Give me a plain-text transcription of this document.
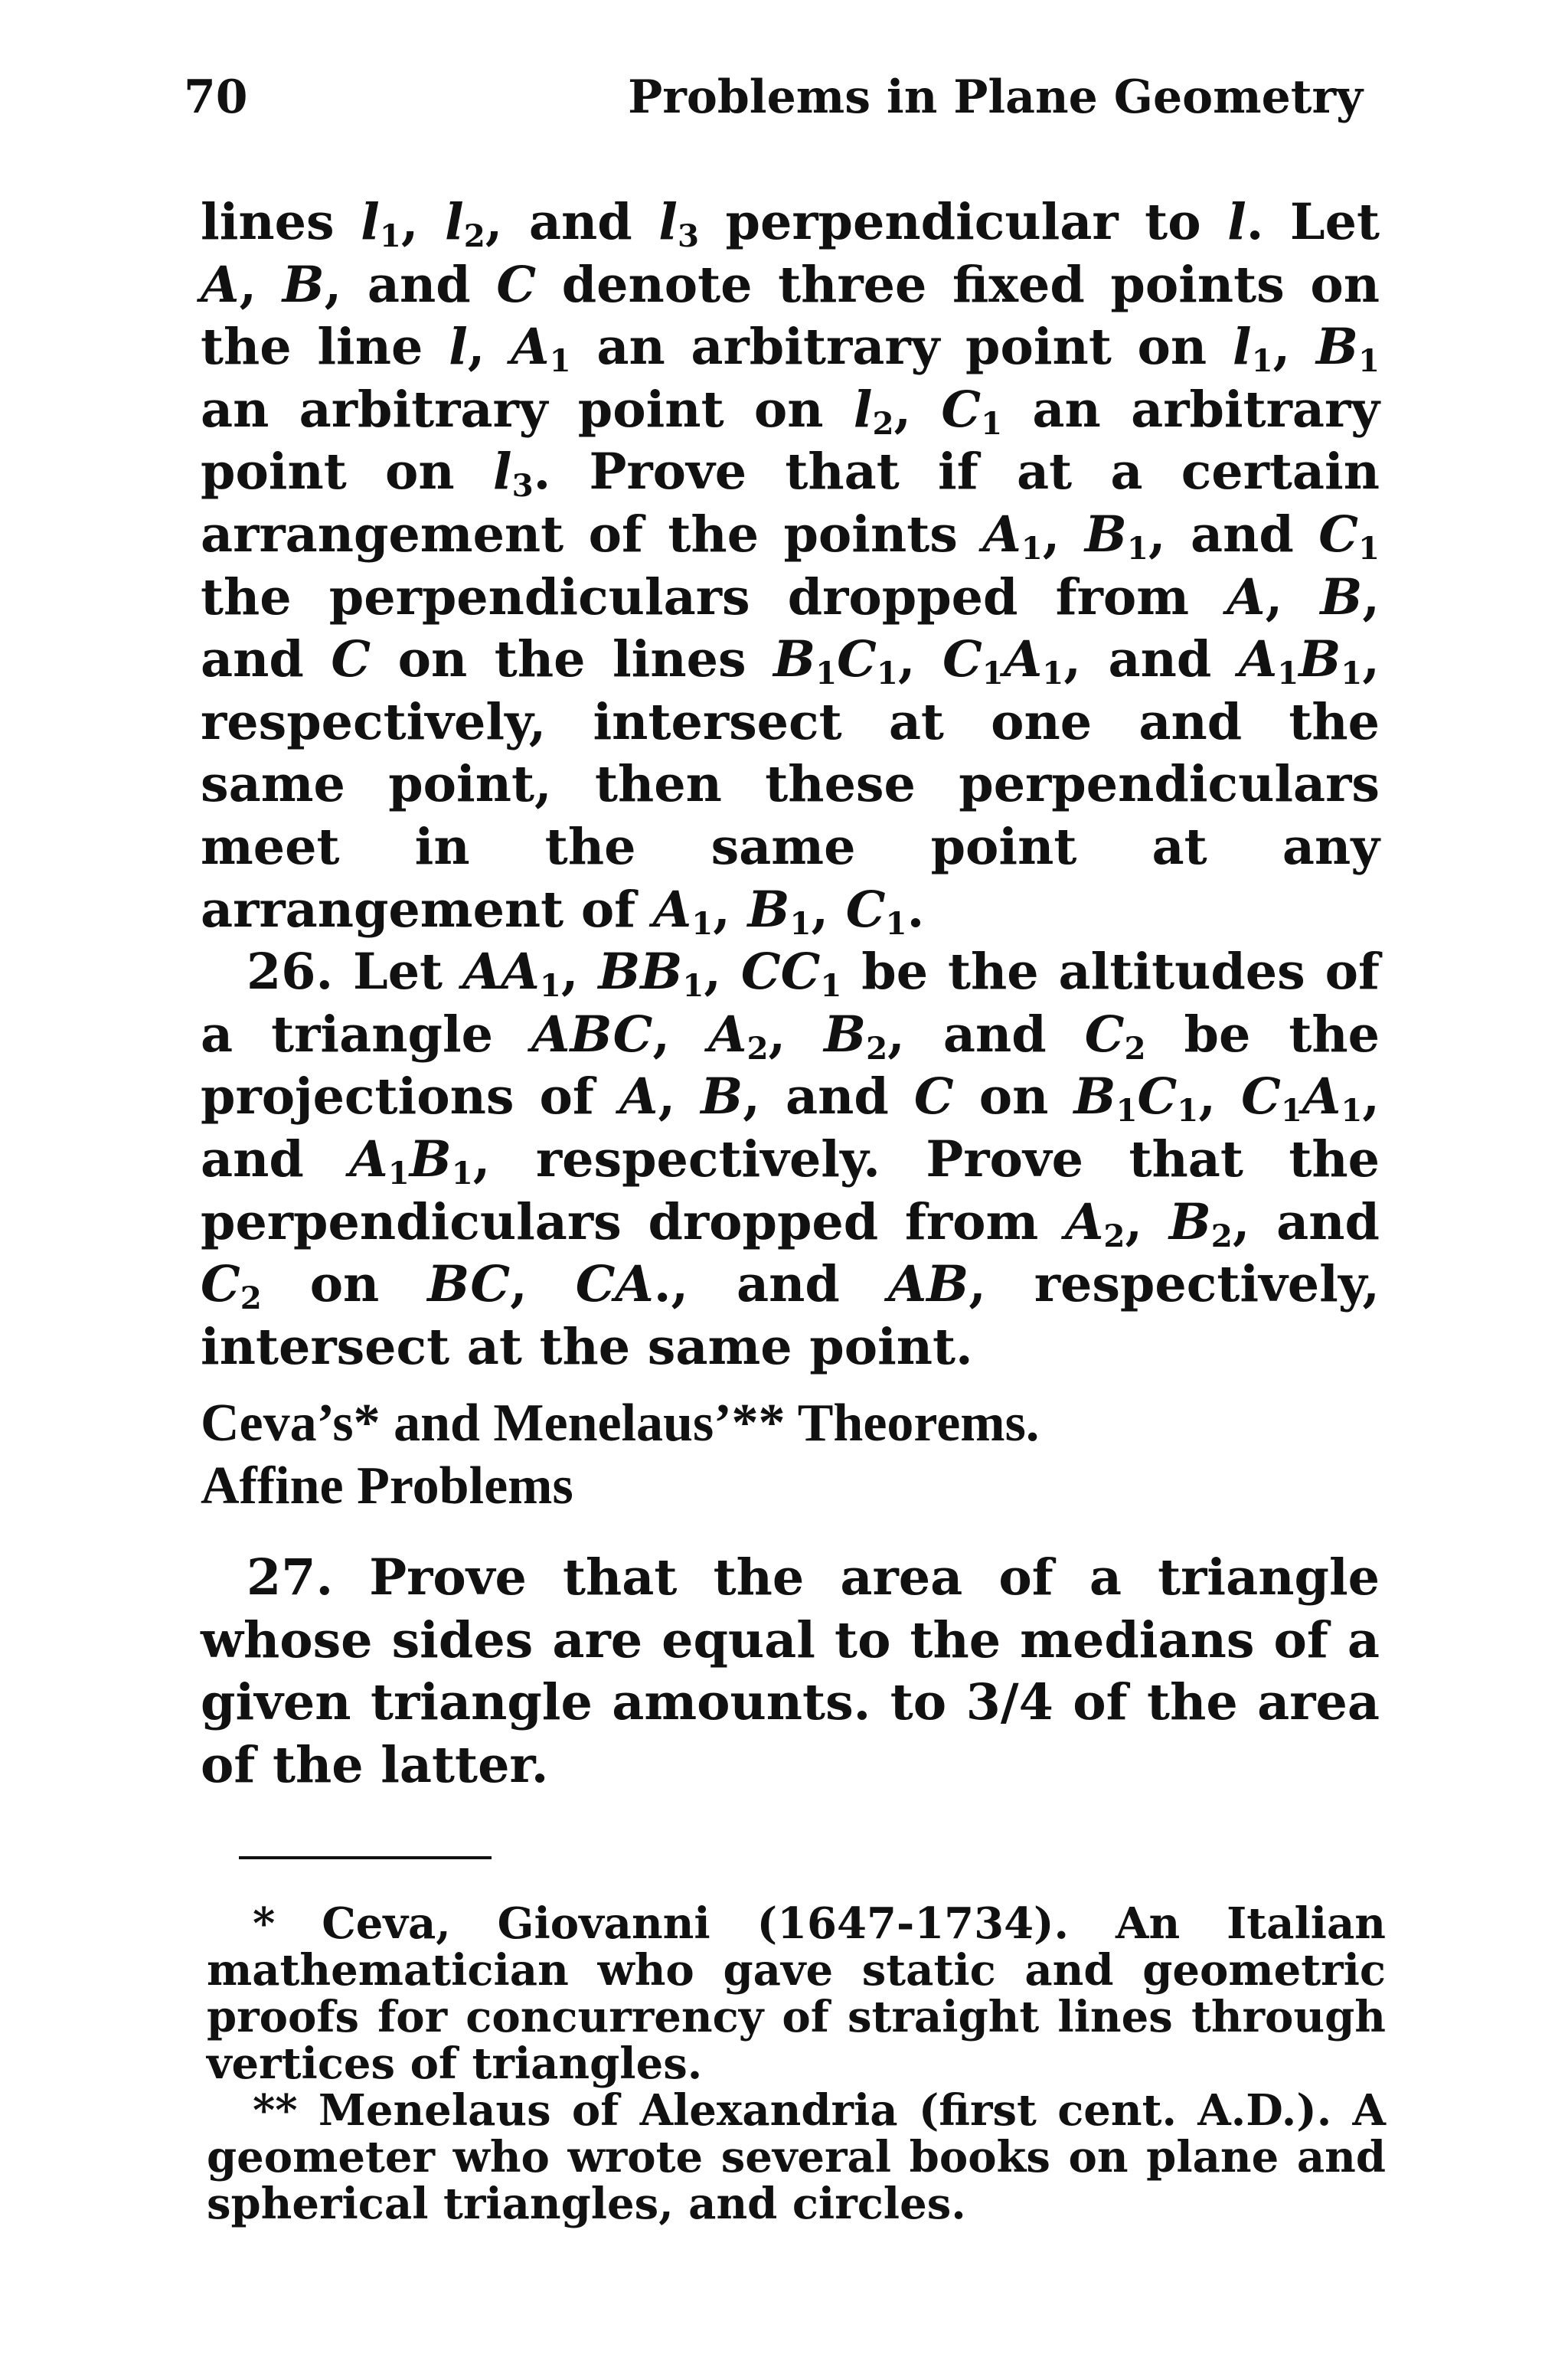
70	Problems in Plane Geometry

lines $l_1$, $l_2$, and $l_3$ perpendicular to l. Let A, B, and C denote three fixed points on the line l, $A_1$ an arbitrary point on $l_1$, $B_1$ an arbitrary point on $l_2$, $C_1$ an arbitrary point on $l_3$. Prove that if at a certain arrangement of the points $A_1$, $B_1$, and $C_1$ the perpendiculars dropped from A, B, and C on the lines $B_1C_1$, $C_1A_1$, and $A_1B_1$, respectively, intersect at one and the same point, then these perpendiculars meet in the same point at any arrangement of $A_1$, $B_1$, $C_1$.

26. Let $AA_1$, $BB_1$, $CC_1$ be the altitudes of a triangle ABC, $A_2$, $B_2$, and $C_2$ be the projections of A, B, and C on $B_1C_1$, $C_1A_1$, and $A_1B_1$, respectively. Prove that the perpendiculars dropped from $A_2$, $B_2$, and $C_2$ on BC, CA., and AB, respectively, intersect at the same point.

Ceva’s* and Menelaus’** Theorems.
Affine Problems

27. Prove that the area of a triangle whose sides are equal to the medians of a given triangle amounts. to 3/4 of the area of the latter.

* Ceva, Giovanni (1647-1734). An Italian mathematician who gave static and geometric proofs for concurrency of straight lines through vertices of triangles.

** Menelaus of Alexandria (first cent. A.D.). A geometer who wrote several books on plane and spherical triangles, and circles.
